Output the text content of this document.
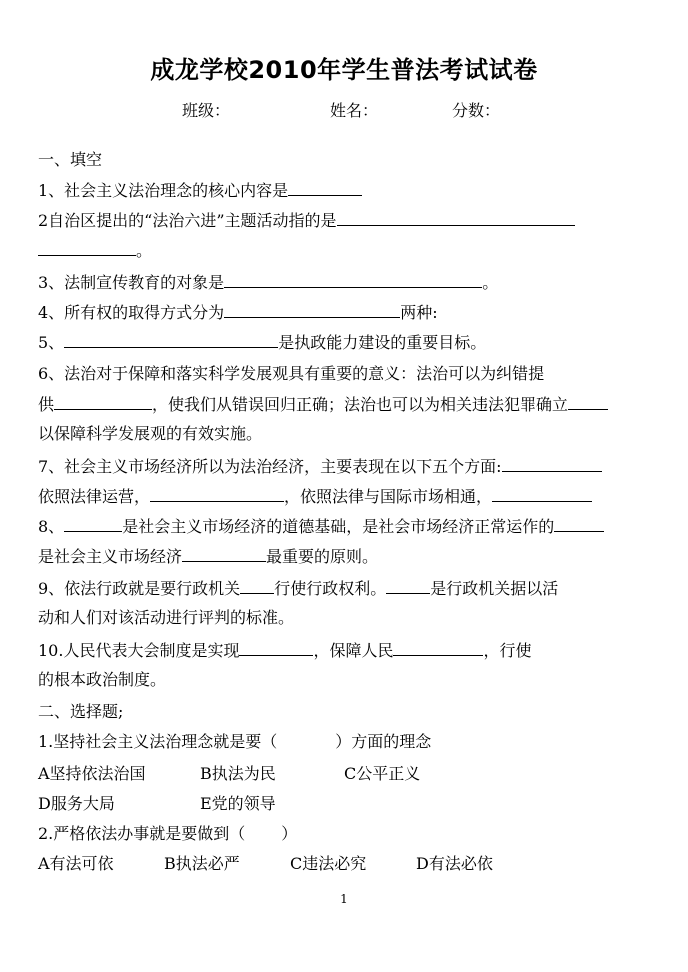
成龙学校2010年学生普法考试试卷
班级：	姓名：	分数：
一、填空
1、社会主义法治理念的核心内容是
2自治区提出的“法治六进”主题活动指的是
。
3、法制宣传教育的对象是	。
4、所有权的取得方式分为	两种:
5、	是执政能力建设的重要目标。
6、法治对于保障和落实科学发展观具有重要的意义：法治可以为纠错提
供	，使我们从错误回归正确；法治也可以为相关违法犯罪确立
以保障科学发展观的有效实施。
7、社会主义市场经济所以为法治经济，主要表现在以下五个方面:
依照法律运营，	，依照法律与国际市场相通，
8、	是社会主义市场经济的道德基础，是社会市场经济正常运作的
是社会主义市场经济	最重要的原则。
9、依法行政就是要行政机关 行使行政权利。	是行政机关据以活
动和人们对该活动进行评判的标准。
10.人民代表大会制度是实现	，保障人民	，行使
的根本政治制度。
二、选择题;
1.坚持社会主义法治理念就是要（	）方面的理念
A坚持依法治国	B执法为民	C公平正义
D服务大局	E党的领导
2.严格依法办事就是要做到（ ）
A有法可依	B执法必严	C违法必究	D有法必依
1
